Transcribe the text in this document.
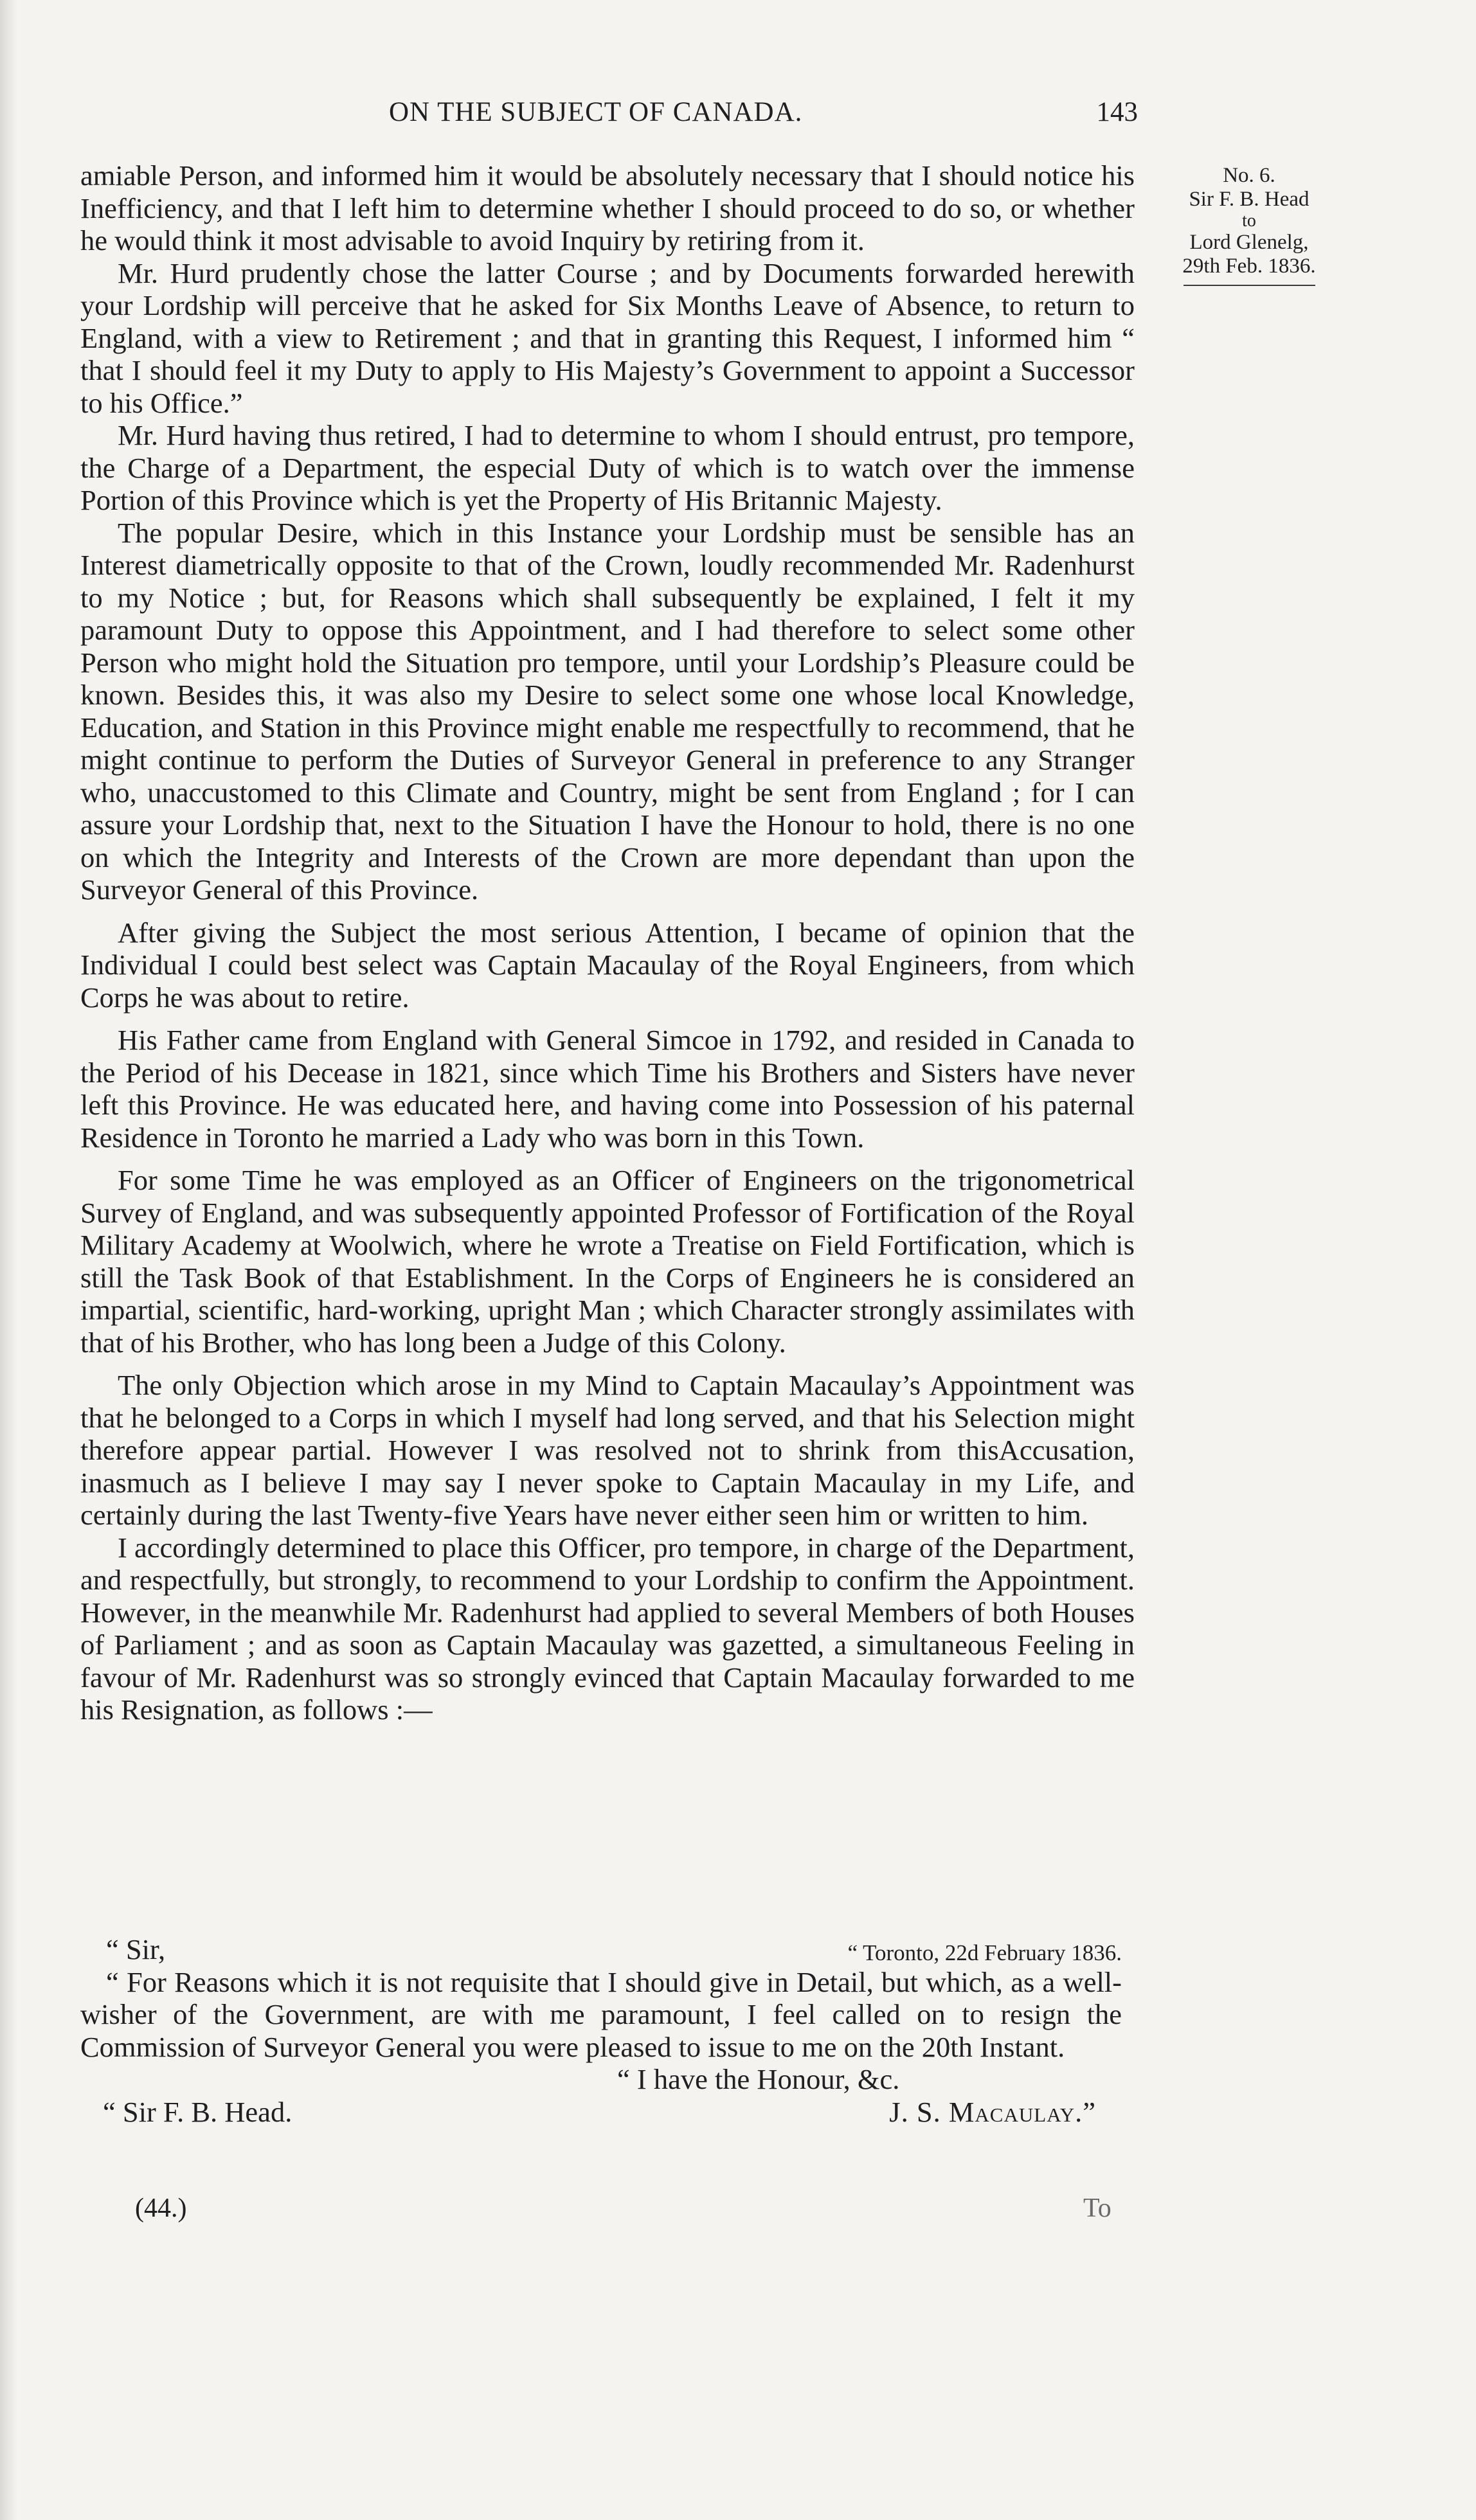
ON THE SUBJECT OF CANADA.	143
No. 6.
Sir F. B. Head
to
Lord Glenelg,
29th Feb. 1836.

amiable Person, and informed him it would be absolutely necessary that I should notice his Inefficiency, and that I left him to determine whether I should proceed to do so, or whether he would think it most advisable to avoid Inquiry by retiring from it.

Mr. Hurd prudently chose the latter Course ; and by Documents forwarded herewith your Lordship will perceive that he asked for Six Months Leave of Absence, to return to England, with a view to Retirement ; and that in granting this Request, I informed him “ that I should feel it my Duty to apply to His Majesty’s Government to appoint a Successor to his Office.”

Mr. Hurd having thus retired, I had to determine to whom I should entrust, pro tempore, the Charge of a Department, the especial Duty of which is to watch over the immense Portion of this Province which is yet the Property of His Britannic Majesty.

The popular Desire, which in this Instance your Lordship must be sensible has an Interest diametrically opposite to that of the Crown, loudly recommended Mr. Radenhurst to my Notice ; but, for Reasons which shall subsequently be explained, I felt it my paramount Duty to oppose this Appointment, and I had therefore to select some other Person who might hold the Situation pro tempore, until your Lordship’s Pleasure could be known. Besides this, it was also my Desire to select some one whose local Knowledge, Education, and Station in this Province might enable me respectfully to recommend, that he might continue to perform the Duties of Surveyor General in preference to any Stranger who, unaccustomed to this Climate and Country, might be sent from England ; for I can assure your Lordship that, next to the Situation I have the Honour to hold, there is no one on which the Integrity and Interests of the Crown are more dependant than upon the Surveyor General of this Province.

After giving the Subject the most serious Attention, I became of opinion that the Individual I could best select was Captain Macaulay of the Royal Engineers, from which Corps he was about to retire.

His Father came from England with General Simcoe in 1792, and resided in Canada to the Period of his Decease in 1821, since which Time his Brothers and Sisters have never left this Province. He was educated here, and having come into Possession of his paternal Residence in Toronto he married a Lady who was born in this Town.

For some Time he was employed as an Officer of Engineers on the trigonometrical Survey of England, and was subsequently appointed Professor of Fortification of the Royal Military Academy at Woolwich, where he wrote a Treatise on Field Fortification, which is still the Task Book of that Establishment. In the Corps of Engineers he is considered an impartial, scientific, hard-working, upright Man ; which Character strongly assimilates with that of his Brother, who has long been a Judge of this Colony.

The only Objection which arose in my Mind to Captain Macaulay’s Appointment was that he belonged to a Corps in which I myself had long served, and that his Selection might therefore appear partial. However I was resolved not to shrink from thisAccusation, inasmuch as I believe I may say I never spoke to Captain Macaulay in my Life, and certainly during the last Twenty-five Years have never either seen him or written to him.

I accordingly determined to place this Officer, pro tempore, in charge of the Department, and respectfully, but strongly, to recommend to your Lordship to confirm the Appointment. However, in the meanwhile Mr. Radenhurst had applied to several Members of both Houses of Parliament ; and as soon as Captain Macaulay was gazetted, a simultaneous Feeling in favour of Mr. Radenhurst was so strongly evinced that Captain Macaulay forwarded to me his Resignation, as follows :—

“ Sir,	“ Toronto, 22d February 1836.

“ For Reasons which it is not requisite that I should give in Detail, but which, as a well-wisher of the Government, are with me paramount, I feel called on to resign the Commission of Surveyor General you were pleased to issue to me on the 20th Instant.

“ I have the Honour, &c.
“ Sir F. B. Head.	J. S. Macaulay.”
(44.)	To
